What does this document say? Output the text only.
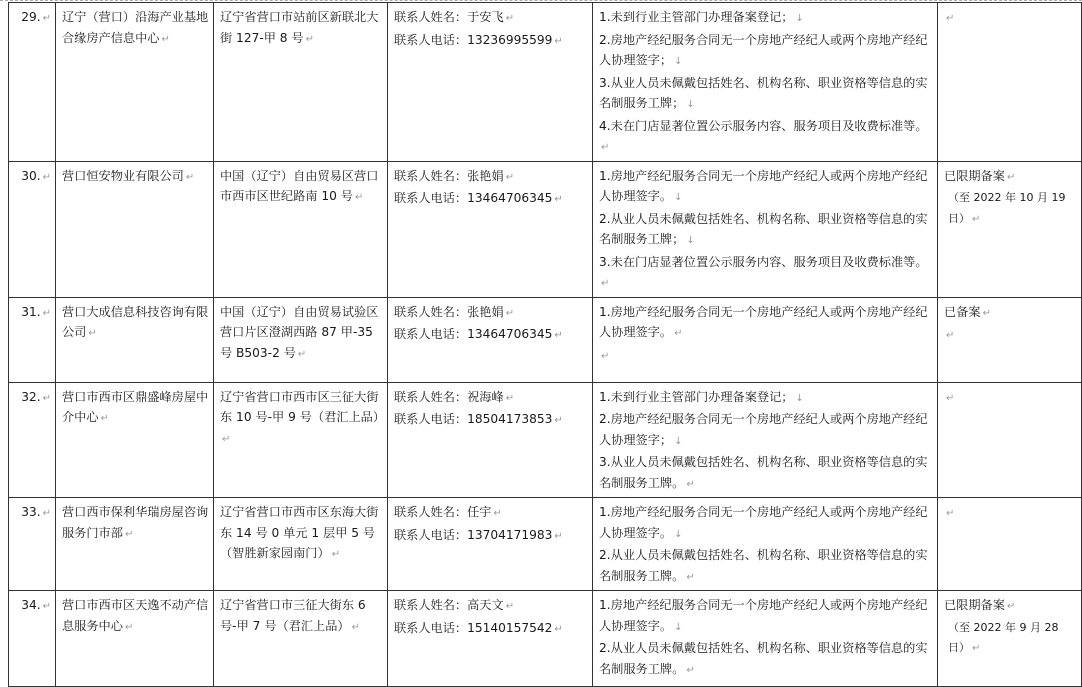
29. ↵	辽宁（营口）沿海产业基地合缘房产信息中心 ↵	辽宁省营口市站前区新联北大街 127-甲 8 号 ↵	联系人姓名：于安飞 ↵
联系人电话：13236995599 ↵	1.未到行业主管部门办理备案登记； ↓
2.房地产经纪服务合同无一个房地产经纪人或两个房地产经纪人协理签字； ↓
3.从业人员未佩戴包括姓名、机构名称、职业资格等信息的实名制服务工牌； ↓
4.未在门店显著位置公示服务内容、服务项目及收费标准等。↵	↵
30. ↵	营口恒安物业有限公司 ↵	中国（辽宁）自由贸易区营口市西市区世纪路南 10 号 ↵	联系人姓名：张艳娟 ↵
联系人电话：13464706345 ↵	1.房地产经纪服务合同无一个房地产经纪人或两个房地产经纪人协理签字。 ↓
2.从业人员未佩戴包括姓名、机构名称、职业资格等信息的实名制服务工牌； ↓
3.未在门店显著位置公示服务内容、服务项目及收费标准等。↵	已限期备案 ↵
（至 2022 年 10 月 19 日） ↵

31. ↵	营口大成信息科技咨询有限公司 ↵	中国（辽宁）自由贸易试验区营口片区澄湖西路 87 甲-35 号 B503-2 号 ↵	联系人姓名：张艳娟 ↵
联系人电话：13464706345 ↵	1.房地产经纪服务合同无一个房地产经纪人或两个房地产经纪人协理签字。 ↵
↵	已备案 ↵
↵

32. ↵	营口市西市区鼎盛峰房屋中介中心 ↵	辽宁省营口市西市区三征大街东 10 号-甲 9 号（君汇上品）↵	联系人姓名：祝海峰 ↵
联系人电话：18504173853 ↵	1.未到行业主管部门办理备案登记； ↓
2.房地产经纪服务合同无一个房地产经纪人或两个房地产经纪人协理签字； ↓
3.从业人员未佩戴包括姓名、机构名称、职业资格等信息的实名制服务工牌。 ↵	↵
33. ↵	营口西市保利华瑞房屋咨询服务门市部 ↵	辽宁省营口市西市区东海大街东 14 号 0 单元 1 层甲 5 号
（智胜新家园南门） ↵	联系人姓名：任宇 ↵
联系人电话：13704171983 ↵	1.房地产经纪服务合同无一个房地产经纪人或两个房地产经纪人协理签字。 ↓
2.从业人员未佩戴包括姓名、机构名称、职业资格等信息的实名制服务工牌。 ↵	↵
34. ↵	营口市西市区天逸不动产信息服务中心 ↵	辽宁省营口市三征大街东 6 号-甲 7 号（君汇上品） ↵	联系人姓名：高天文 ↵
联系人电话：15140157542 ↵	1.房地产经纪服务合同无一个房地产经纪人或两个房地产经纪人协理签字。 ↓
2.从业人员未佩戴包括姓名、机构名称、职业资格等信息的实名制服务工牌。 ↵	已限期备案 ↵
（至 2022 年 9 月 28 日） ↵
